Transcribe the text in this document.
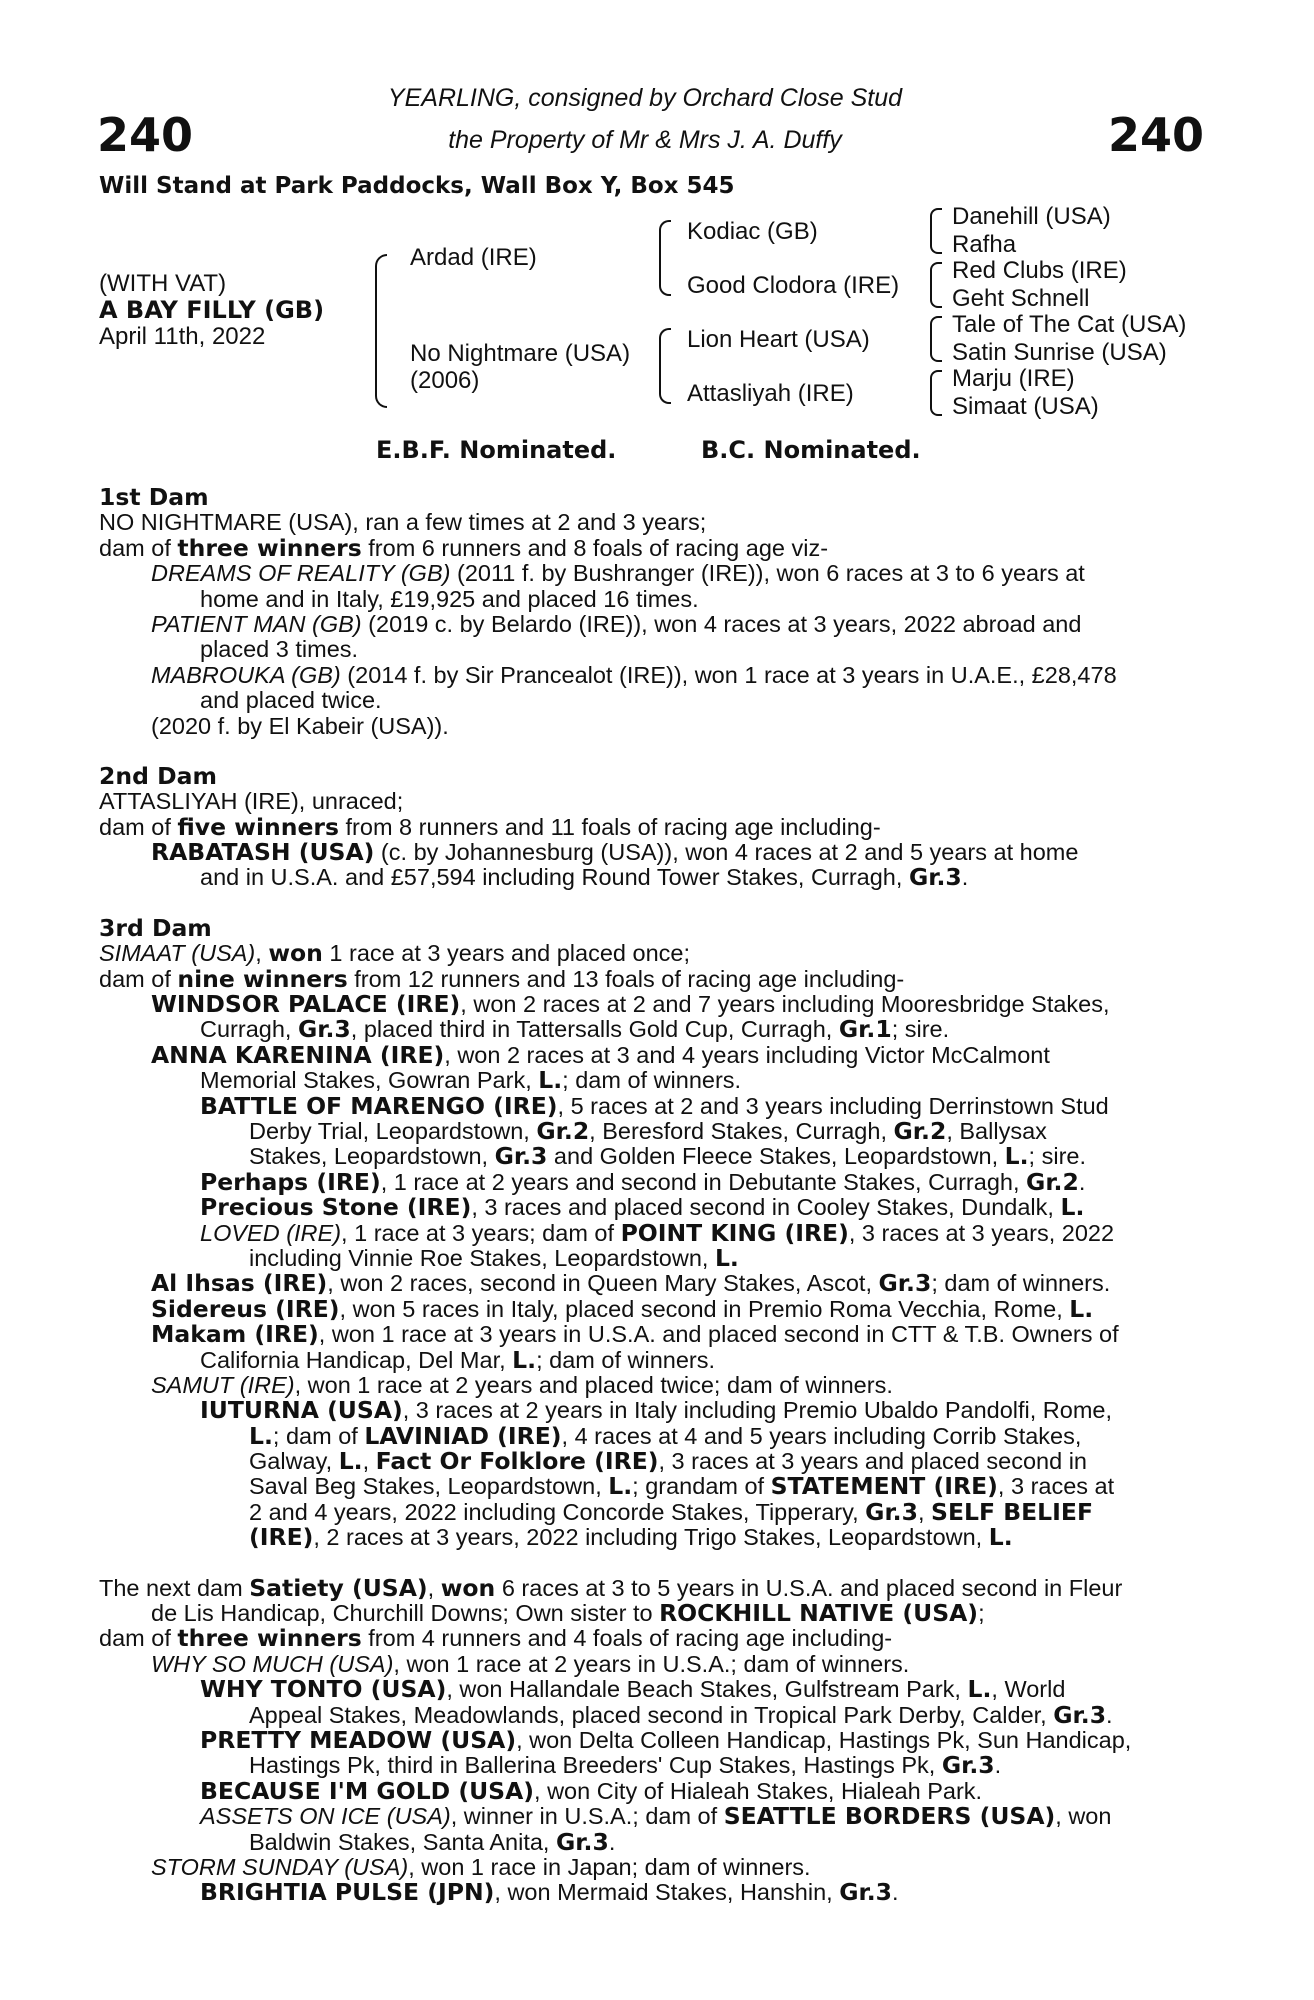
240	240
YEARLING, consigned by Orchard Close Stud
the Property of Mr & Mrs J. A. Duffy
Will Stand at Park Paddocks, Wall Box Y, Box 545
(WITH VAT)
A BAY FILLY (GB)
April 11th, 2022
Ardad (IRE)
No Nightmare (USA)
(2006)
Kodiac (GB)
Good Clodora (IRE)
Lion Heart (USA)
Attasliyah (IRE)
Danehill (USA)
Rafha
Red Clubs (IRE)
Geht Schnell
Tale of The Cat (USA)
Satin Sunrise (USA)
Marju (IRE)
Simaat (USA)
E.B.F. Nominated.	B.C. Nominated.
1st Dam
NO NIGHTMARE (USA), ran a few times at 2 and 3 years;
dam of three winners from 6 runners and 8 foals of racing age viz-
DREAMS OF REALITY (GB) (2011 f. by Bushranger (IRE)), won 6 races at 3 to 6 years at
home and in Italy, £19,925 and placed 16 times.
PATIENT MAN (GB) (2019 c. by Belardo (IRE)), won 4 races at 3 years, 2022 abroad and
placed 3 times.
MABROUKA (GB) (2014 f. by Sir Prancealot (IRE)), won 1 race at 3 years in U.A.E., £28,478
and placed twice.
(2020 f. by El Kabeir (USA)).
2nd Dam
ATTASLIYAH (IRE), unraced;
dam of five winners from 8 runners and 11 foals of racing age including-
RABATASH (USA) (c. by Johannesburg (USA)), won 4 races at 2 and 5 years at home
and in U.S.A. and £57,594 including Round Tower Stakes, Curragh, Gr.3.
3rd Dam
SIMAAT (USA), won 1 race at 3 years and placed once;
dam of nine winners from 12 runners and 13 foals of racing age including-
WINDSOR PALACE (IRE), won 2 races at 2 and 7 years including Mooresbridge Stakes,
Curragh, Gr.3, placed third in Tattersalls Gold Cup, Curragh, Gr.1; sire.
ANNA KARENINA (IRE), won 2 races at 3 and 4 years including Victor McCalmont
Memorial Stakes, Gowran Park, L.; dam of winners.
BATTLE OF MARENGO (IRE), 5 races at 2 and 3 years including Derrinstown Stud
Derby Trial, Leopardstown, Gr.2, Beresford Stakes, Curragh, Gr.2, Ballysax
Stakes, Leopardstown, Gr.3 and Golden Fleece Stakes, Leopardstown, L.; sire.
Perhaps (IRE), 1 race at 2 years and second in Debutante Stakes, Curragh, Gr.2.
Precious Stone (IRE), 3 races and placed second in Cooley Stakes, Dundalk, L.
LOVED (IRE), 1 race at 3 years; dam of POINT KING (IRE), 3 races at 3 years, 2022
including Vinnie Roe Stakes, Leopardstown, L.
Al Ihsas (IRE), won 2 races, second in Queen Mary Stakes, Ascot, Gr.3; dam of winners.
Sidereus (IRE), won 5 races in Italy, placed second in Premio Roma Vecchia, Rome, L.
Makam (IRE), won 1 race at 3 years in U.S.A. and placed second in CTT & T.B. Owners of
California Handicap, Del Mar, L.; dam of winners.
SAMUT (IRE), won 1 race at 2 years and placed twice; dam of winners.
IUTURNA (USA), 3 races at 2 years in Italy including Premio Ubaldo Pandolfi, Rome,
L.; dam of LAVINIAD (IRE), 4 races at 4 and 5 years including Corrib Stakes,
Galway, L., Fact Or Folklore (IRE), 3 races at 3 years and placed second in
Saval Beg Stakes, Leopardstown, L.; grandam of STATEMENT (IRE), 3 races at
2 and 4 years, 2022 including Concorde Stakes, Tipperary, Gr.3, SELF BELIEF
(IRE), 2 races at 3 years, 2022 including Trigo Stakes, Leopardstown, L.
The next dam Satiety (USA), won 6 races at 3 to 5 years in U.S.A. and placed second in Fleur
de Lis Handicap, Churchill Downs; Own sister to ROCKHILL NATIVE (USA);
dam of three winners from 4 runners and 4 foals of racing age including-
WHY SO MUCH (USA), won 1 race at 2 years in U.S.A.; dam of winners.
WHY TONTO (USA), won Hallandale Beach Stakes, Gulfstream Park, L., World
Appeal Stakes, Meadowlands, placed second in Tropical Park Derby, Calder, Gr.3.
PRETTY MEADOW (USA), won Delta Colleen Handicap, Hastings Pk, Sun Handicap,
Hastings Pk, third in Ballerina Breeders' Cup Stakes, Hastings Pk, Gr.3.
BECAUSE I'M GOLD (USA), won City of Hialeah Stakes, Hialeah Park.
ASSETS ON ICE (USA), winner in U.S.A.; dam of SEATTLE BORDERS (USA), won
Baldwin Stakes, Santa Anita, Gr.3.
STORM SUNDAY (USA), won 1 race in Japan; dam of winners.
BRIGHTIA PULSE (JPN), won Mermaid Stakes, Hanshin, Gr.3.
